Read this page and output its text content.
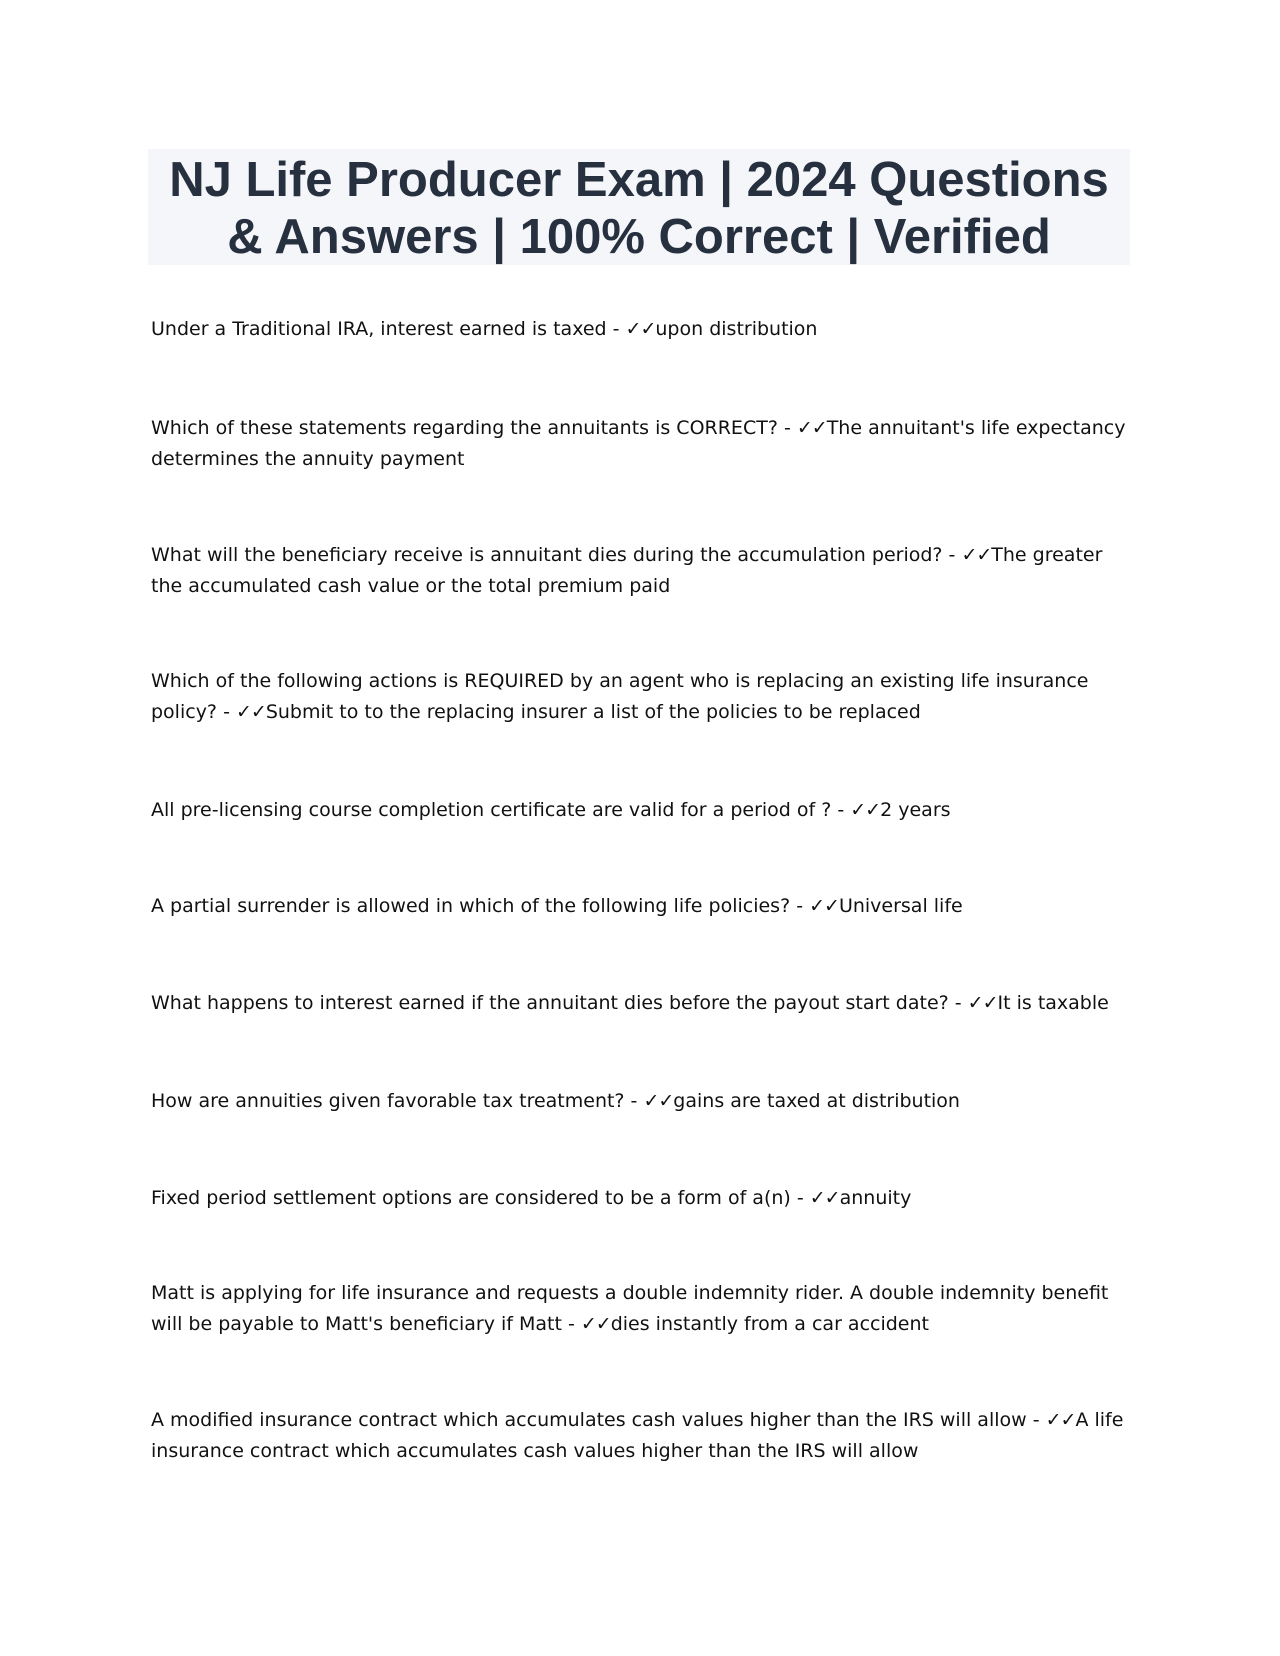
NJ Life Producer Exam | 2024 Questions
& Answers | 100% Correct | Verified

Under a Traditional IRA, interest earned is taxed - ✓✓upon distribution

Which of these statements regarding the annuitants is CORRECT? - ✓✓The annuitant's life expectancy determines the annuity payment

What will the beneficiary receive is annuitant dies during the accumulation period? - ✓✓The greater the accumulated cash value or the total premium paid

Which of the following actions is REQUIRED by an agent who is replacing an existing life insurance policy? - ✓✓Submit to to the replacing insurer a list of the policies to be replaced

All pre-licensing course completion certificate are valid for a period of ? - ✓✓2 years

A partial surrender is allowed in which of the following life policies? - ✓✓Universal life

What happens to interest earned if the annuitant dies before the payout start date? - ✓✓It is taxable

How are annuities given favorable tax treatment? - ✓✓gains are taxed at distribution

Fixed period settlement options are considered to be a form of a(n) - ✓✓annuity

Matt is applying for life insurance and requests a double indemnity rider. A double indemnity benefit will be payable to Matt's beneficiary if Matt - ✓✓dies instantly from a car accident

A modified insurance contract which accumulates cash values higher than the IRS will allow - ✓✓A life insurance contract which accumulates cash values higher than the IRS will allow
